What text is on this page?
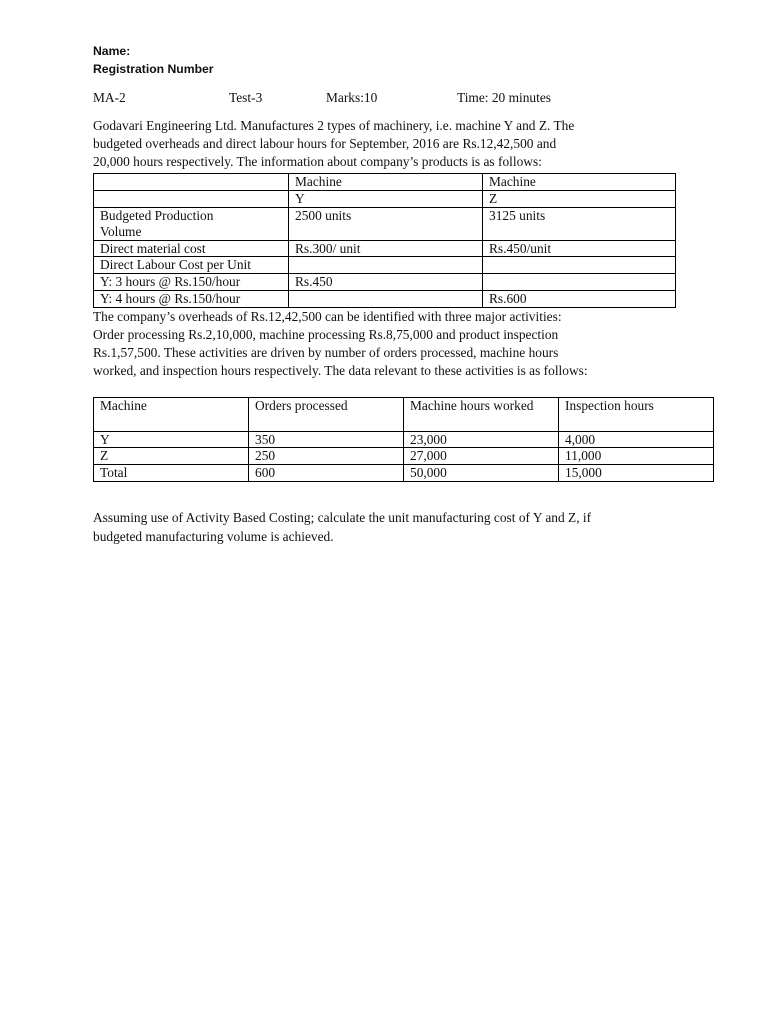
Name:
Registration Number
MA-2	Test-3	Marks:10	Time: 20 minutes
Godavari Engineering Ltd. Manufactures 2 types of machinery, i.e. machine Y and Z. The
budgeted overheads and direct labour hours for September, 2016 are Rs.12,42,500 and
20,000 hours respectively. The information about company’s products is as follows:
	Machine	Machine
	Y	Z
Budgeted Production Volume	2500 units	3125 units
Direct material cost	Rs.300/ unit	Rs.450/unit
Direct Labour Cost per Unit		
Y: 3 hours @ Rs.150/hour	Rs.450	
Y: 4 hours @ Rs.150/hour		Rs.600
The company’s overheads of Rs.12,42,500 can be identified with three major activities:
Order processing Rs.2,10,000, machine processing Rs.8,75,000 and product inspection
Rs.1,57,500. These activities are driven by number of orders processed, machine hours
worked, and inspection hours respectively. The data relevant to these activities is as follows:
Machine	Orders processed	Machine hours worked	Inspection hours
Y	350	23,000	4,000
Z	250	27,000	11,000
Total	600	50,000	15,000
Assuming use of Activity Based Costing; calculate the unit manufacturing cost of Y and Z, if
budgeted manufacturing volume is achieved.
